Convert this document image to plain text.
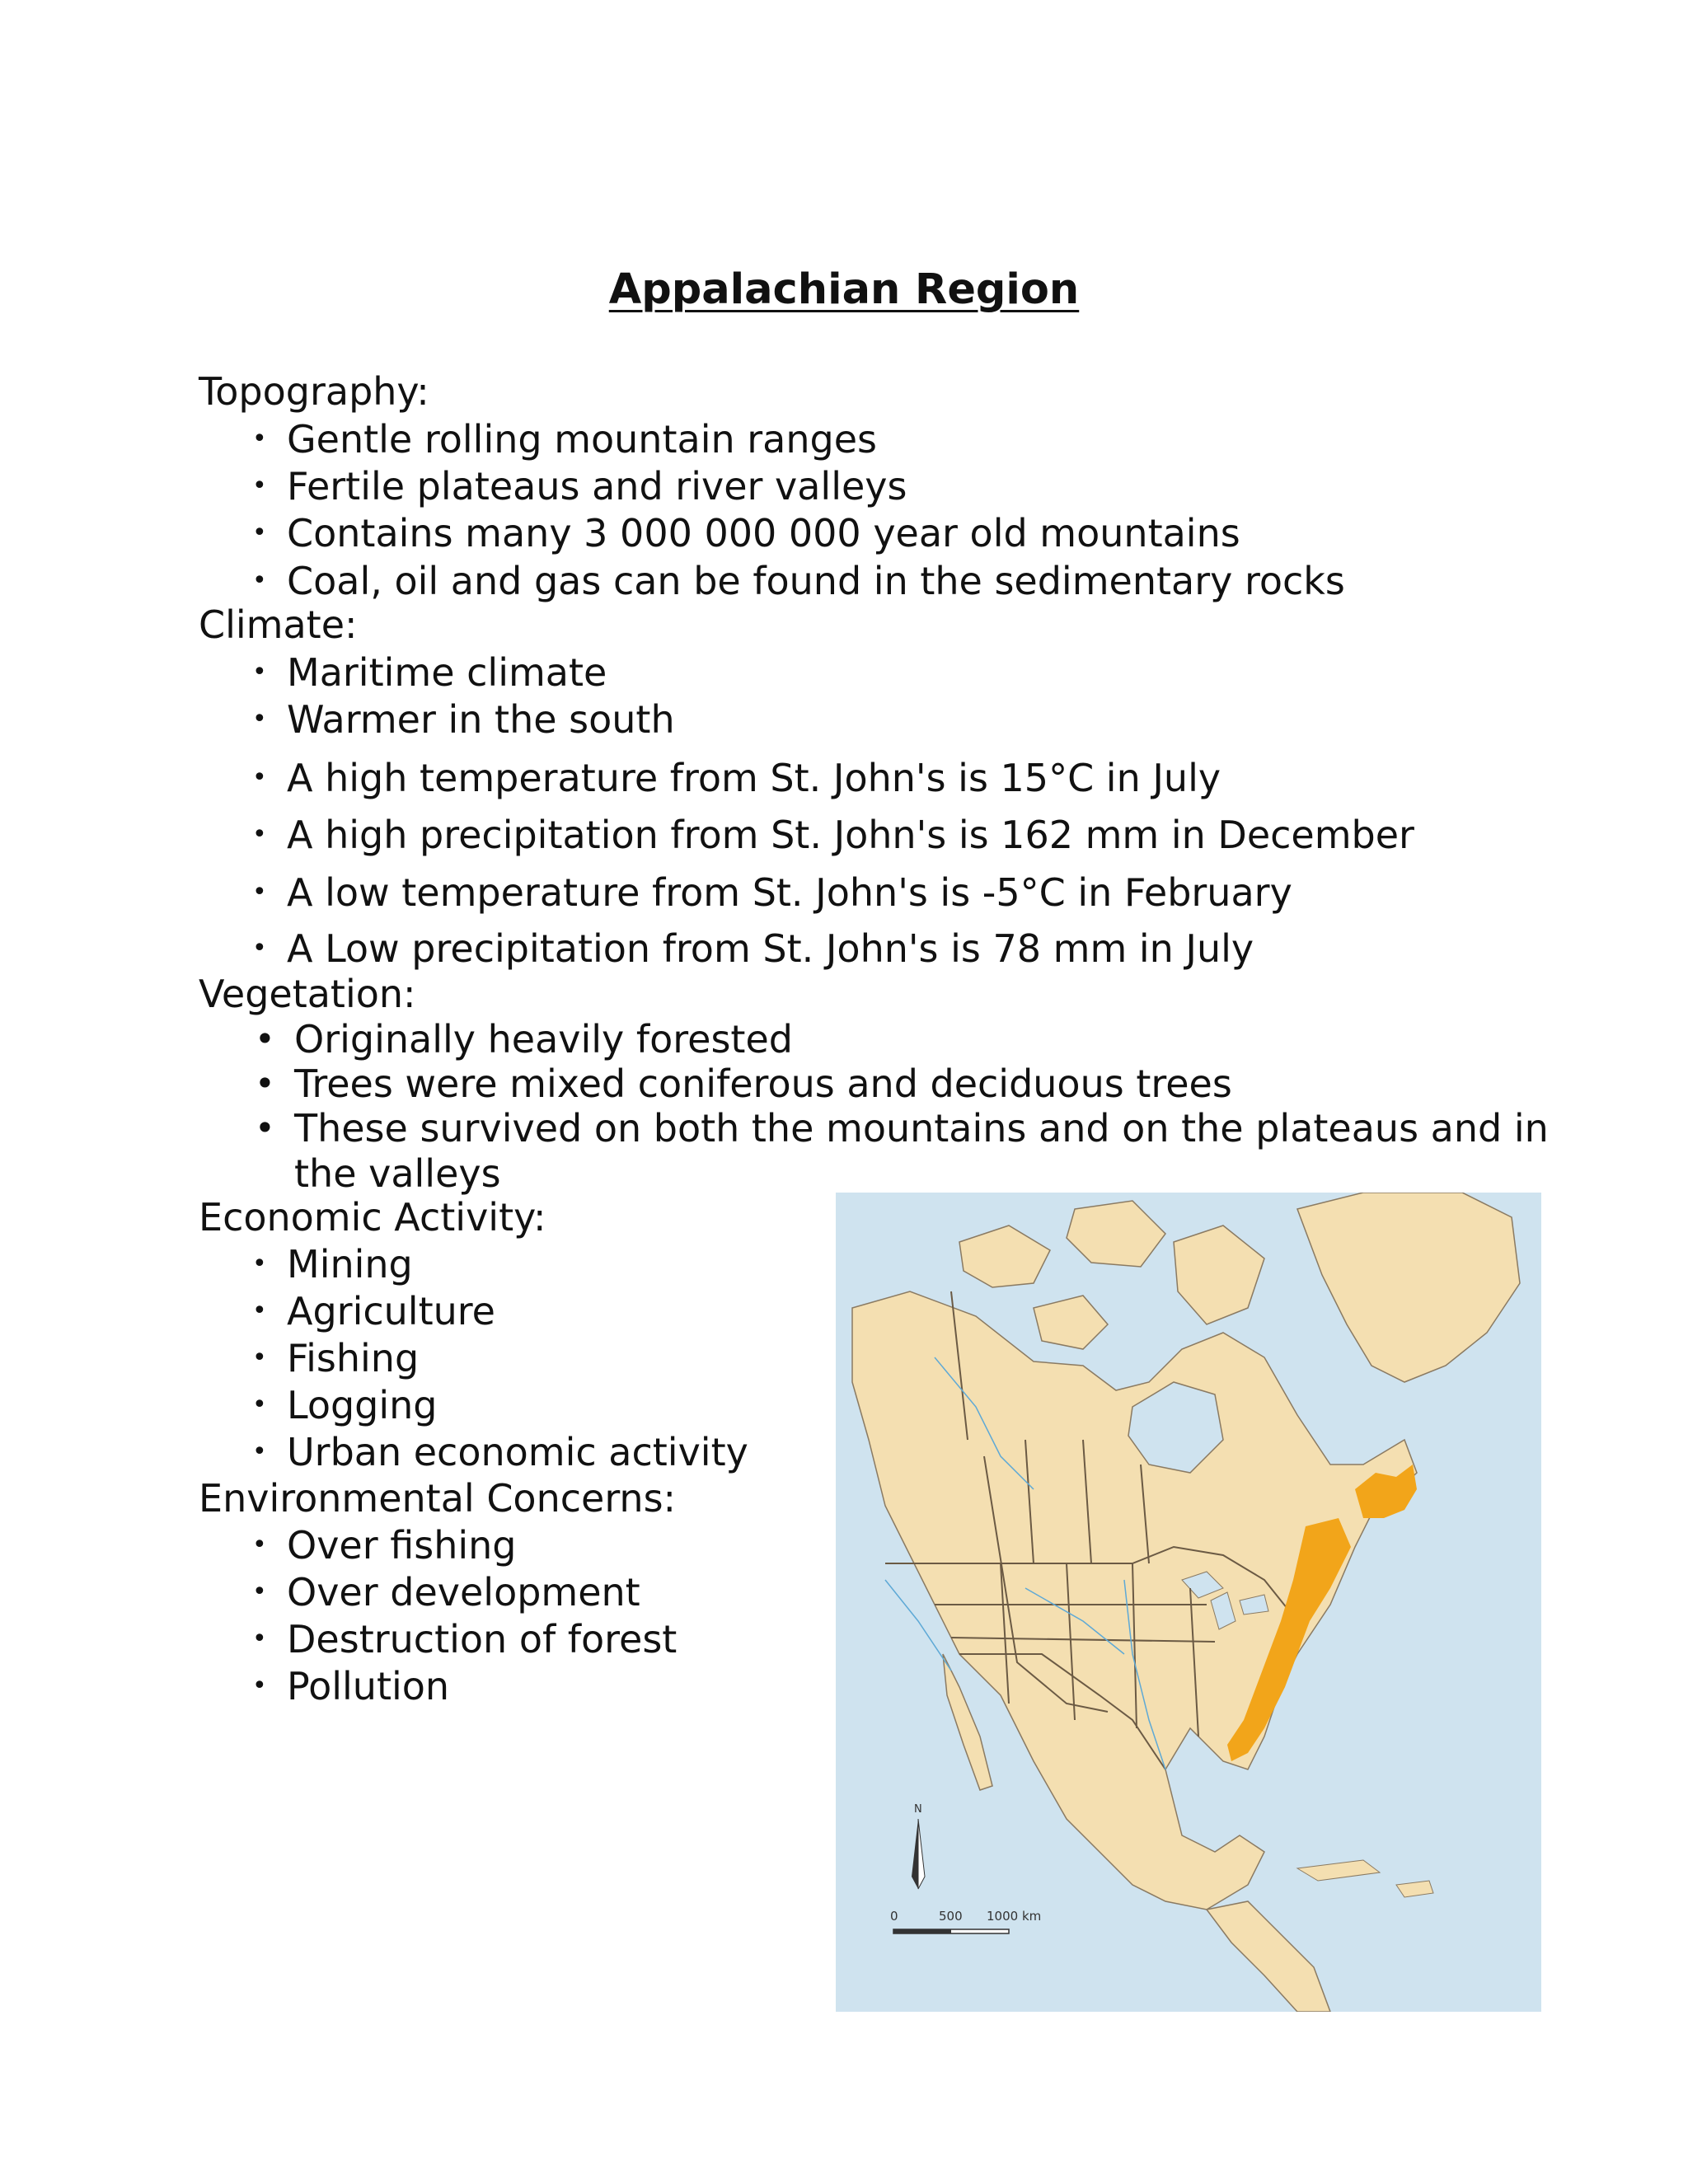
Appalachian Region
Topography:
• Gentle rolling mountain ranges
• Fertile plateaus and river valleys
• Contains many 3 000 000 000 year old mountains
• Coal, oil and gas can be found in the sedimentary rocks
Climate:
• Maritime climate
• Warmer in the south
• A high temperature from St. John's is 15°C in July
• A high precipitation from St. John's is 162 mm in December
• A low temperature from St. John's is -5°C in February
• A Low precipitation from St. John's is 78 mm in July
Vegetation:
• Originally heavily forested
• Trees were mixed coniferous and deciduous trees
• These survived on both the mountains and on the plateaus and in
the valleys
Economic Activity:
• Mining
• Agriculture
• Fishing
• Logging
• Urban economic activity
Environmental Concerns:
• Over fishing
• Over development
• Destruction of forest
• Pollution
N
0	500 1000 km
